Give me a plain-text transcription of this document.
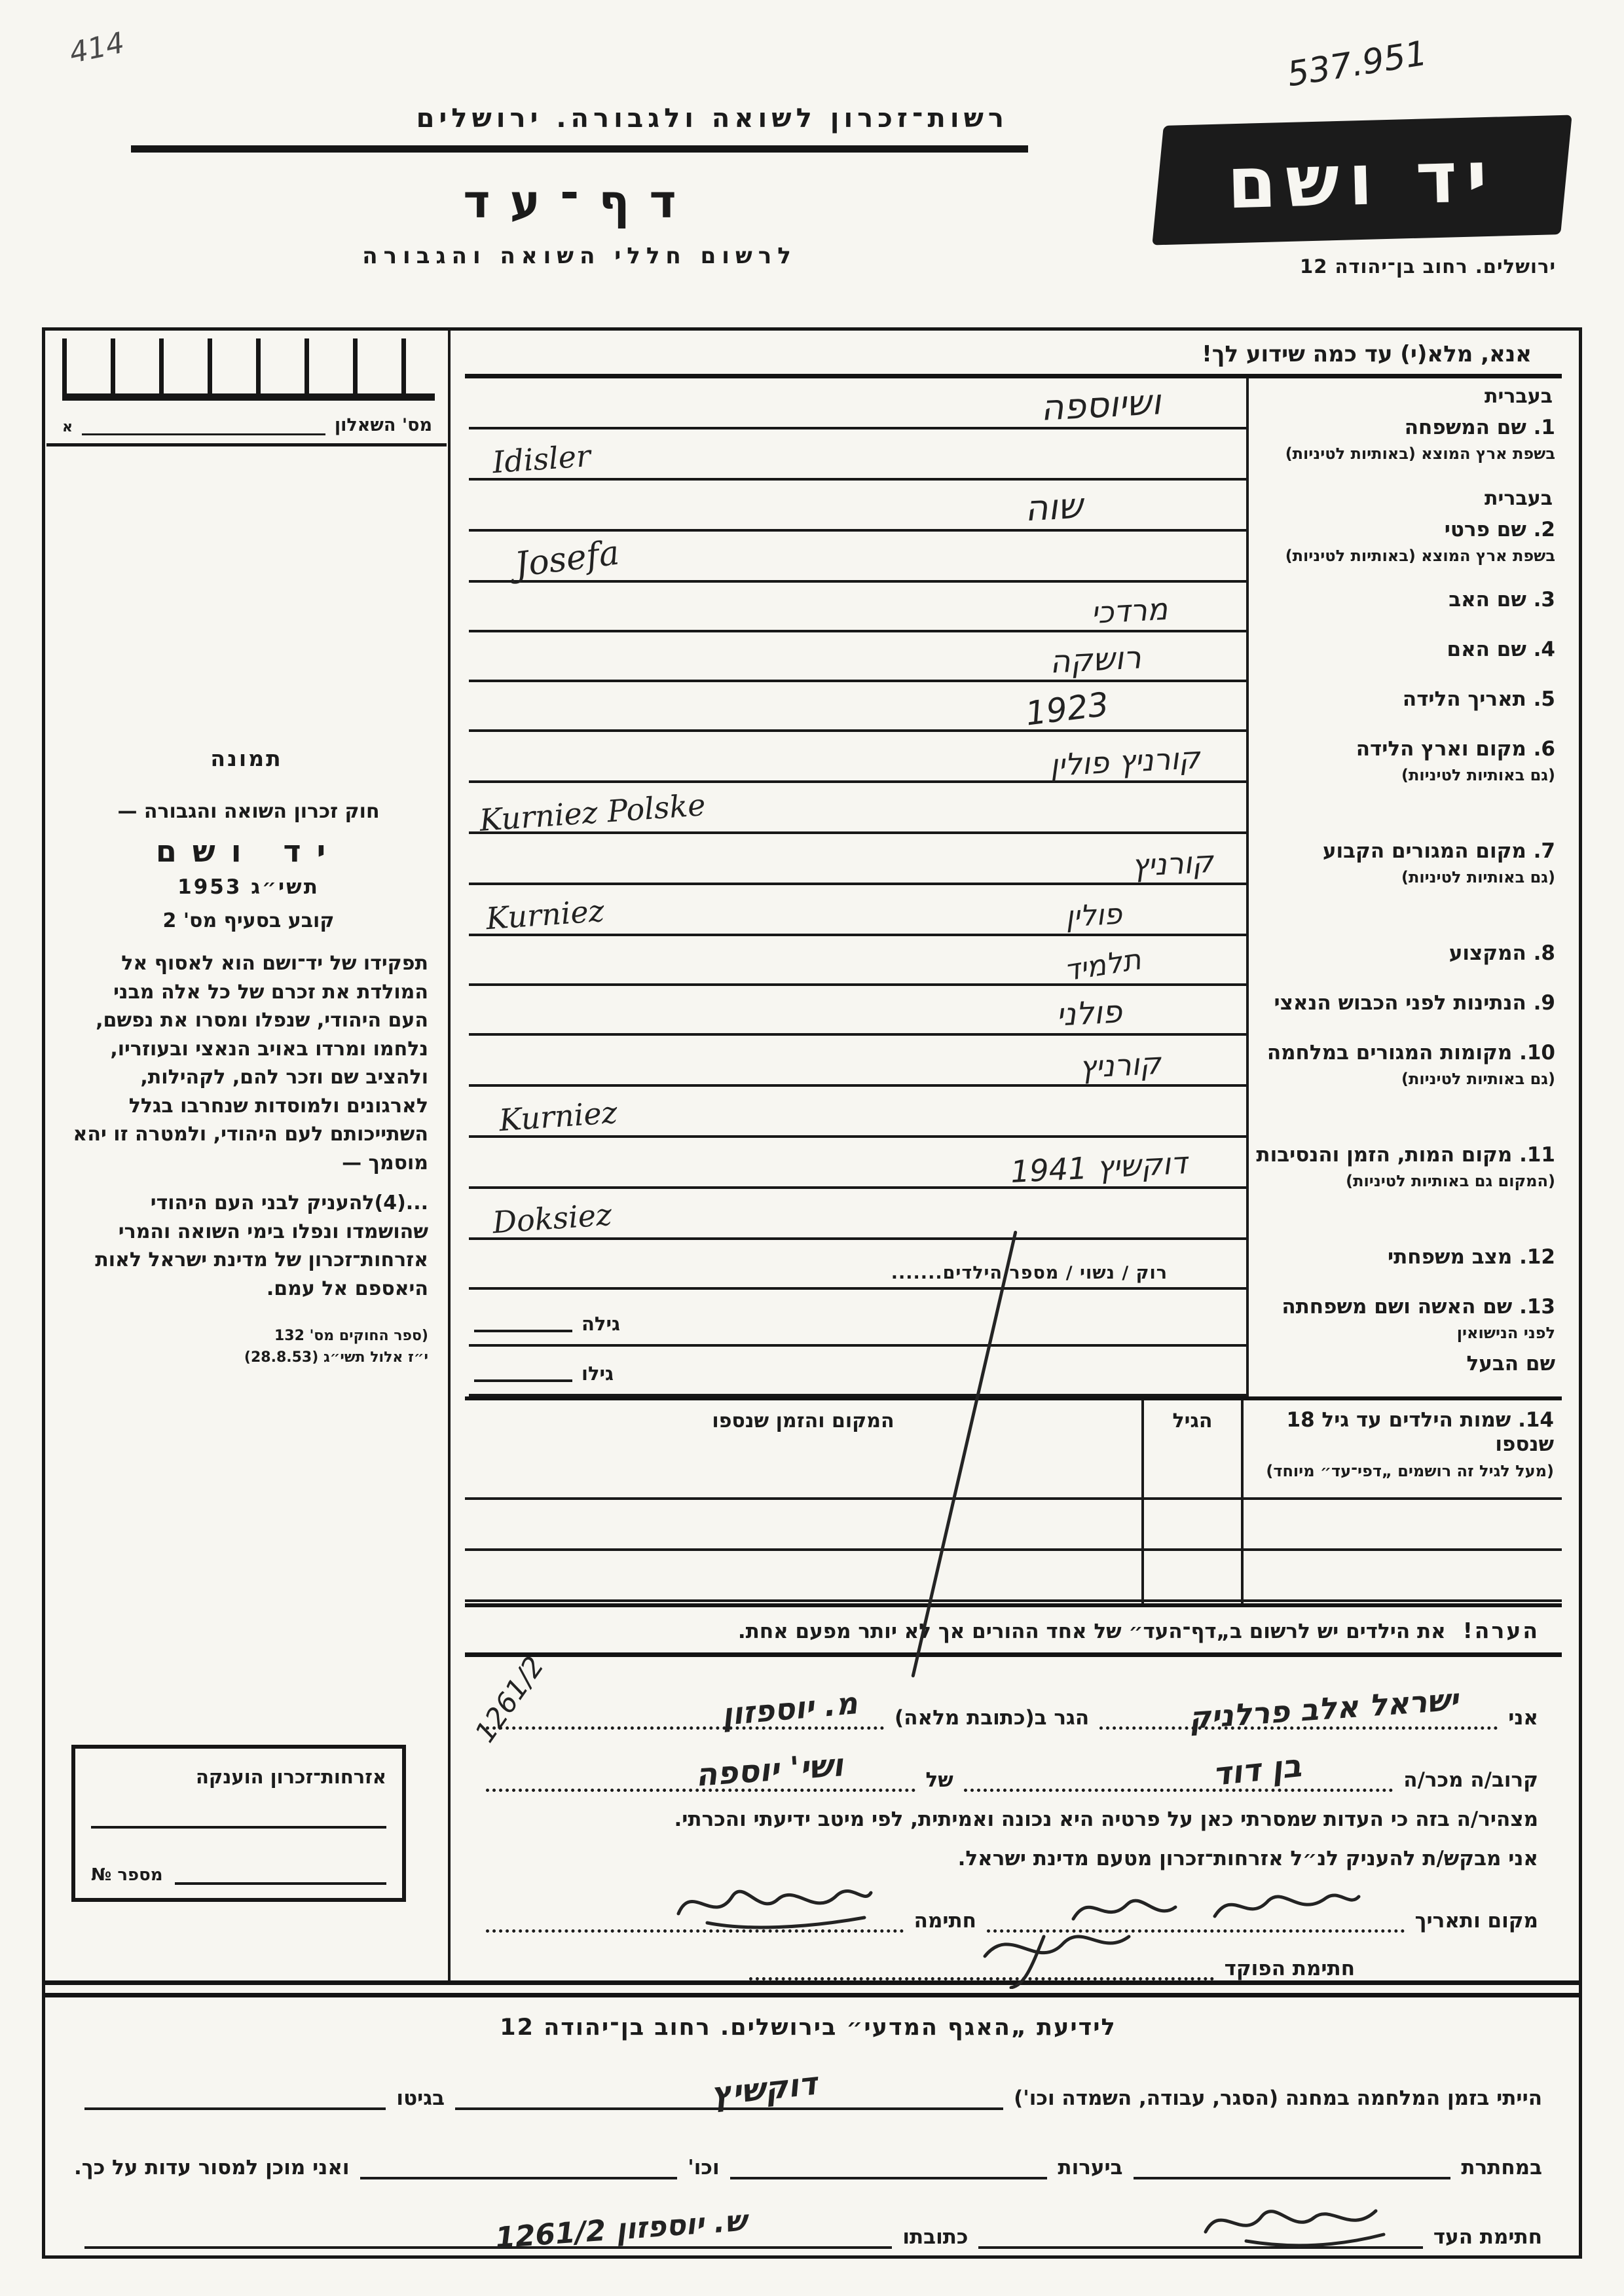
414	537.951
יד ושם
ירושלים. רחוב בן־יהודה 12
רשות־זכרון לשואה ולגבורה. ירושלים
דף־עד
לרשום חללי השואה והגבורה
אנא, מלא(י) עד כמה שידוע לך!
בעברית
1. שם המשפחה
בשפת ארץ המוצא (באותיות לטיניות)
ושיוספה
Idisler
בעברית
2. שם פרטי
בשפת ארץ המוצא (באותיות לטיניות)
שוה
Josefa
3. שם האב
מרדכי
4. שם האם
רושקה
5. תאריך הלידה
1923
6. מקום וארץ הלידה
(גם באותיות לטיניות)
קורניץ פולין
Kurniez Polske
7. מקום המגורים הקבוע
(גם באותיות לטיניות)
קורניץ
Kurniez	פולין
8. המקצוע
תלמיד
9. הנתינות לפני הכבוש הנאצי
פולני
10. מקומות המגורים במלחמה
(גם באותיות לטיניות)
קורניץ
Kurniez
11. מקום המות, הזמן והנסיבות
(המקום גם באותיות לטיניות)
דוקשיץ 1941
Doksiez
12. מצב משפחתי
רוק / נשוי / מספר הילדים.......
13. שם האשה ושם משפחתה
לפני הנישואין
גילה
שם הבעל
גילו
14. שמות הילדים עד גיל 18 שנספו
(מעל לגיל זה רושמים „דפי־עד״ מיוחד)
הגיל
המקום והזמן שנספו
הערה!
את הילדים יש לרשום ב„דף־העד״ של אחד ההורים אך לא יותר מפעם אחת.
1261/2	אני
ישראל אלב פרלניק
הגר ב(כתובת מלאה)
מ. יוספזון
קרוב/ה מכר/ה
בן דוד
של
ושי' יוספה
מצהיר/ה בזה כי העדות שמסרתי כאן על פרטיה היא נכונה ואמיתית, לפי מיטב ידיעתי והכרתי.
אני מבקש/ת להעניק לנ״ל אזרחות־זכרון מטעם מדינת ישראל.
מקום ותאריך
חתימה
חתימת הפוקד
מס' השאלון
א
תמונה
חוק זכרון השואה והגבורה —
יד ושם
תשי״ג 1953
קובע בסעיף מס' 2
תפקידו של יד־ושם הוא לאסוף אל המולדת את זכרם של כל אלה מבני העם היהודי, שנפלו ומסרו את נפשם, נלחמו ומרדו באויב הנאצי ובעוזריו, ולהציב שם וזכר להם, לקהילות, לארגונים ולמוסדות שנחרבו בגלל השתייכותם לעם היהודי, ולמטרה זו יהא מוסמך —
...(4)להעניק לבני העם היהודי שהושמדו ונפלו בימי השואה והמרי אזרחות־זכרון של מדינת ישראל לאות היאספם אל עמם.
(ספר החוקים מס' 132
י״ז אלול תשי״ג (28.8.53)
אזרחות־זכרון הוענקה
מספר №
לידיעת „האגף המדעי״ בירושלים. רחוב בן־יהודה 12
הייתי בזמן המלחמה במחנה (הסגר, עבודה, השמדה וכו')
דוקשיץ
בגיטו
במחתרת
ביערות
וכו'
ואני מוכן למסור עדות על כך.
חתימת העד
כתובתו
ש. יוספזון 1261/2
